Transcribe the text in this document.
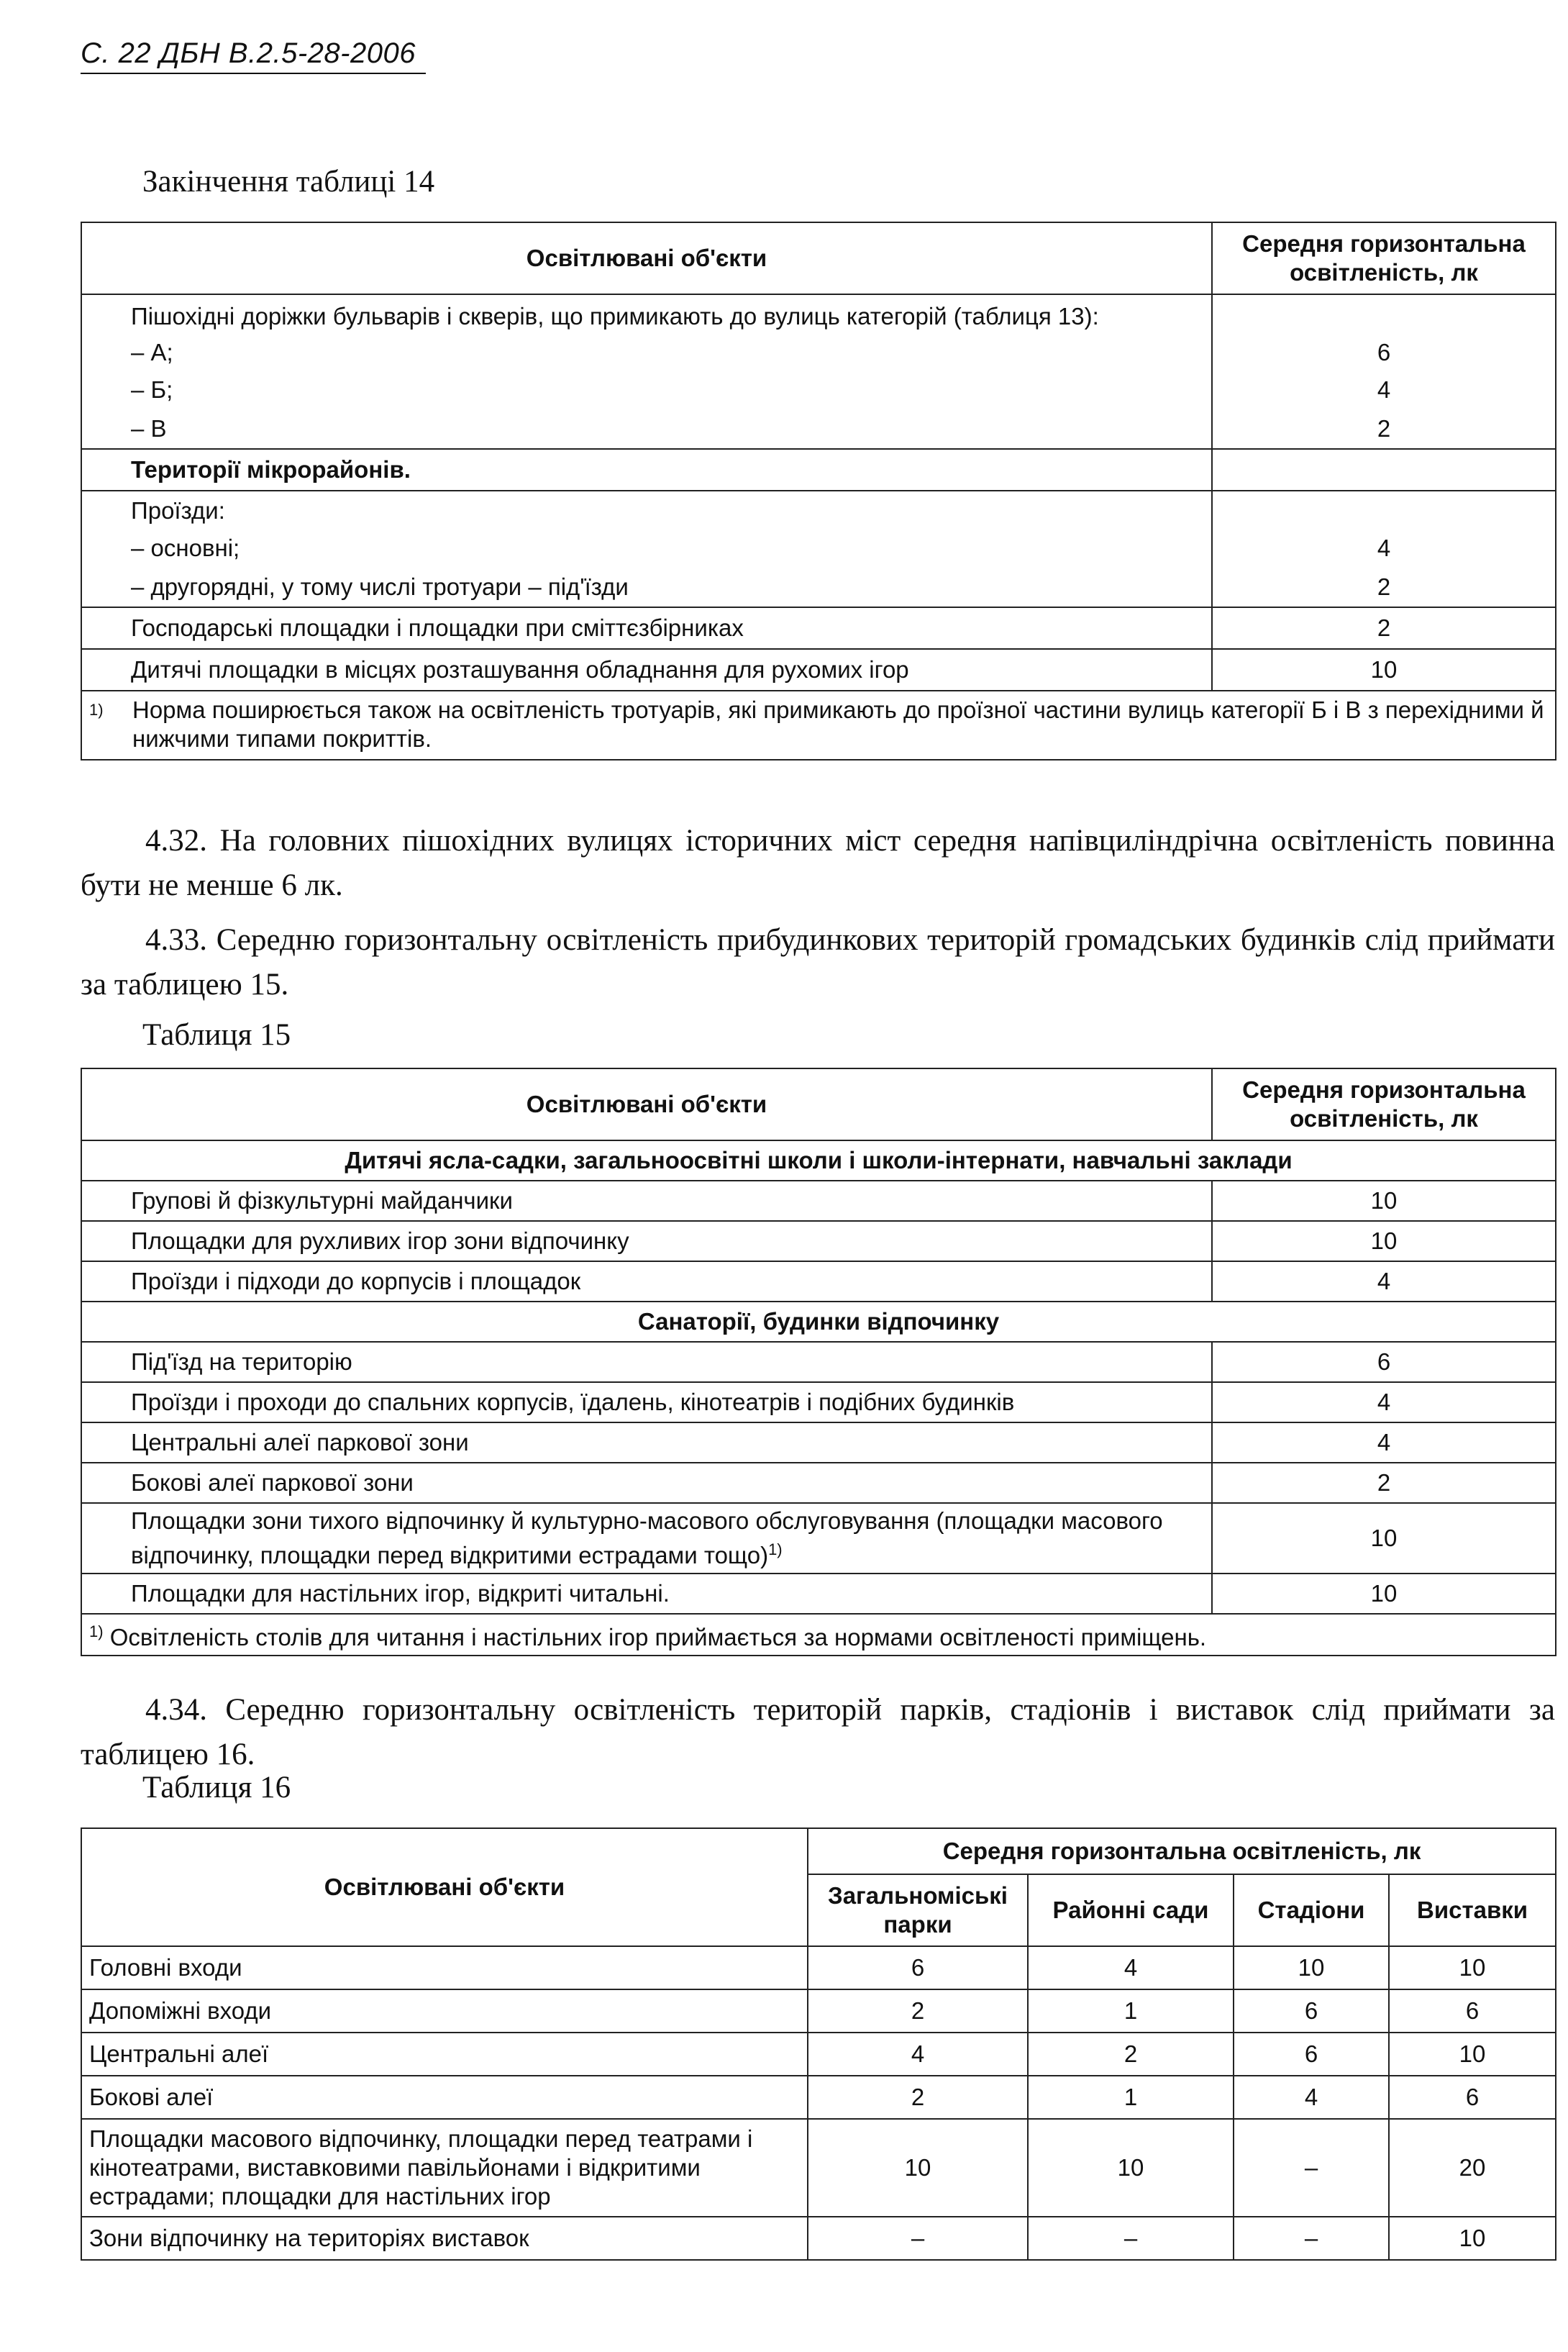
С. 22 ДБН В.2.5-28-2006
Закінчення таблиці 14
Освітлювані об'єкти	Середня горизонтальна освітленість, лк
Пішохідні доріжки бульварів і скверів, що примикають до вулиць категорій (таблиця 13):	
– А;	6
– Б;	4
– В	2
Території мікрорайонів.	
Проїзди:	
– основні;	4
– другорядні, у тому числі тротуари – під'їзди	2
Господарські площадки і площадки при сміттєзбірниках	2
Дитячі площадки в місцях розташування обладнання для рухомих ігор	10

1) Норма поширюється також на освітленість тротуарів, які примикають до проїзної частини вулиць категорії Б і В з перехідними й нижчими типами покриттів.	
4.32. На головних пішохідних вулицях історичних міст середня напівциліндрічна освітленість повинна бути не менше 6 лк.
4.33. Середню горизонтальну освітленість прибудинкових територій громадських будинків слід приймати за таблицею 15.
Таблиця 15
Освітлювані об'єкти	Середня горизонтальна освітленість, лк
Дитячі ясла-садки, загальноосвітні школи і школи-інтернати, навчальні заклади	
Групові й фізкультурні майданчики	10
Площадки для рухливих ігор зони відпочинку	10
Проїзди і підходи до корпусів і площадок	4
Санаторії, будинки відпочинку	
Під'їзд на територію	6
Проїзди і проходи до спальних корпусів, їдалень, кінотеатрів і подібних будинків	4
Центральні алеї паркової зони	4
Бокові алеї паркової зони	2
Площадки зони тихого відпочинку й культурно-масового обслуговування (площадки масового відпочинку, площадки перед відкритими естрадами тощо)$^{1)}$	10
Площадки для настільних ігор, відкриті читальні.	10
$^{1)}$ Освітленість столів для читання і настільних ігор приймається за нормами освітленості приміщень.	
4.34. Середню горизонтальну освітленість територій парків, стадіонів і виставок слід приймати за таблицею 16.
Таблиця 16
Освітлювані об'єкти	Середня горизонтальна освітленість, лк			
	Загальноміські парки	Районні сади	Стадіони	Виставки
Головні входи	6	4	10	10
Допоміжні входи	2	1	6	6
Центральні алеї	4	2	6	10
Бокові алеї	2	1	4	6
Площадки масового відпочинку, площадки перед театрами і кінотеатрами, виставковими павільйонами і відкритими естрадами; площадки для настільних ігор	10	10	–	20
Зони відпочинку на територіях виставок	–	–	–	10
